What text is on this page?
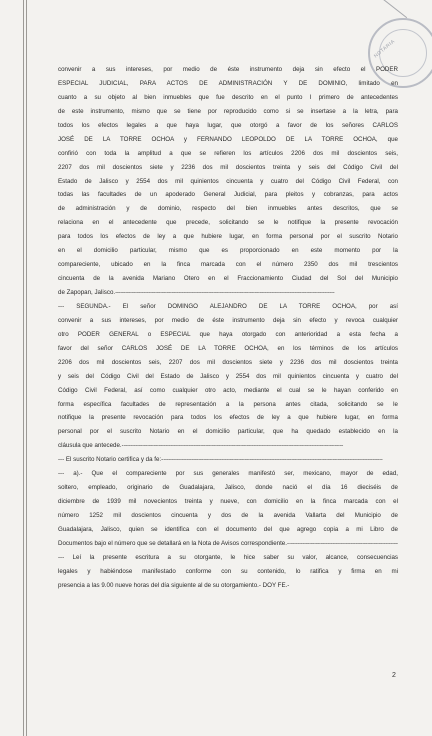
NOTARIA
convenir a sus intereses, por medio de éste instrumento deja sin efecto el PODER
ESPECIAL JUDICIAL, PARA ACTOS DE ADMINISTRACIÓN Y DE DOMINIO, limitado en
cuanto a su objeto al bien inmuebles que fue descrito en el punto I primero de antecedentes
de este instrumento, mismo que se tiene por reproducido como si se insertase a la letra, para
todos los efectos legales a que haya lugar, que otorgó a favor de los señores CARLOS
JOSÉ DE LA TORRE OCHOA y FERNANDO LEOPOLDO DE LA TORRE OCHOA, que
confirió con toda la amplitud a que se refieren los artículos 2206 dos mil doscientos seis,
2207 dos mil doscientos siete y 2236 dos mil doscientos treinta y seis del Código Civil del
Estado de Jalisco y 2554 dos mil quinientos cincuenta y cuatro del Código Civil Federal, con
todas las facultades de un apoderado General Judicial, para pleitos y cobranzas, para actos
de administración y de dominio, respecto del bien inmuebles antes descritos, que se
relaciona en el antecedente que precede, solicitando se le notifique la presente revocación
para todos los efectos de ley a que hubiere lugar, en forma personal por el suscrito Notario
en el domicilio particular, mismo que es proporcionado en este momento por la
compareciente, ubicado en la finca marcada con el número 2350 dos mil trescientos
cincuenta de la avenida Mariano Otero en el Fraccionamiento Ciudad del Sol del Municipio
de Zapopan, Jalisco. -----
--- SEGUNDA.- El señor DOMINGO ALEJANDRO DE LA TORRE OCHOA, por así
convenir a sus intereses, por medio de éste instrumento deja sin efecto y revoca cualquier
otro PODER GENERAL o ESPECIAL que haya otorgado con anterioridad a esta fecha a
favor del señor CARLOS JOSÉ DE LA TORRE OCHOA, en los términos de los artículos
2206 dos mil doscientos seis, 2207 dos mil doscientos siete y 2236 dos mil doscientos treinta
y seis del Código Civil del Estado de Jalisco y 2554 dos mil quinientos cincuenta y cuatro del
Código Civil Federal, así como cualquier otro acto, mediante el cual se le hayan conferido en
forma específica facultades de representación a la persona antes citada, solicitando se le
notifique la presente revocación para todos los efectos de ley a que hubiere lugar, en forma
personal por el suscrito Notario en el domicilio particular, que ha quedado establecido en la
cláusula que antecede.- -----
--- El suscrito Notario certifica y da fe:- -----
--- a).- Que el compareciente por sus generales manifestó ser, mexicano, mayor de edad,
soltero, empleado, originario de Guadalajara, Jalisco, donde nació el día 16 dieciséis de
diciembre de 1939 mil novecientos treinta y nueve, con domicilio en la finca marcada con el
número 1252 mil doscientos cincuenta y dos de la avenida Vallarta del Municipio de
Guadalajara, Jalisco, quien se identifica con el documento del que agrego copia a mi Libro de
Documentos bajo el número que se detallará en la Nota de Avisos correspondiente.- -----
--- Leí la presente escritura a su otorgante, le hice saber su valor, alcance, consecuencias
legales y habiéndose manifestado conforme con su contenido, lo ratifica y firma en mi
presencia a las 9.00 nueve horas del día siguiente al de su otorgamiento.- DOY FE.-
2
